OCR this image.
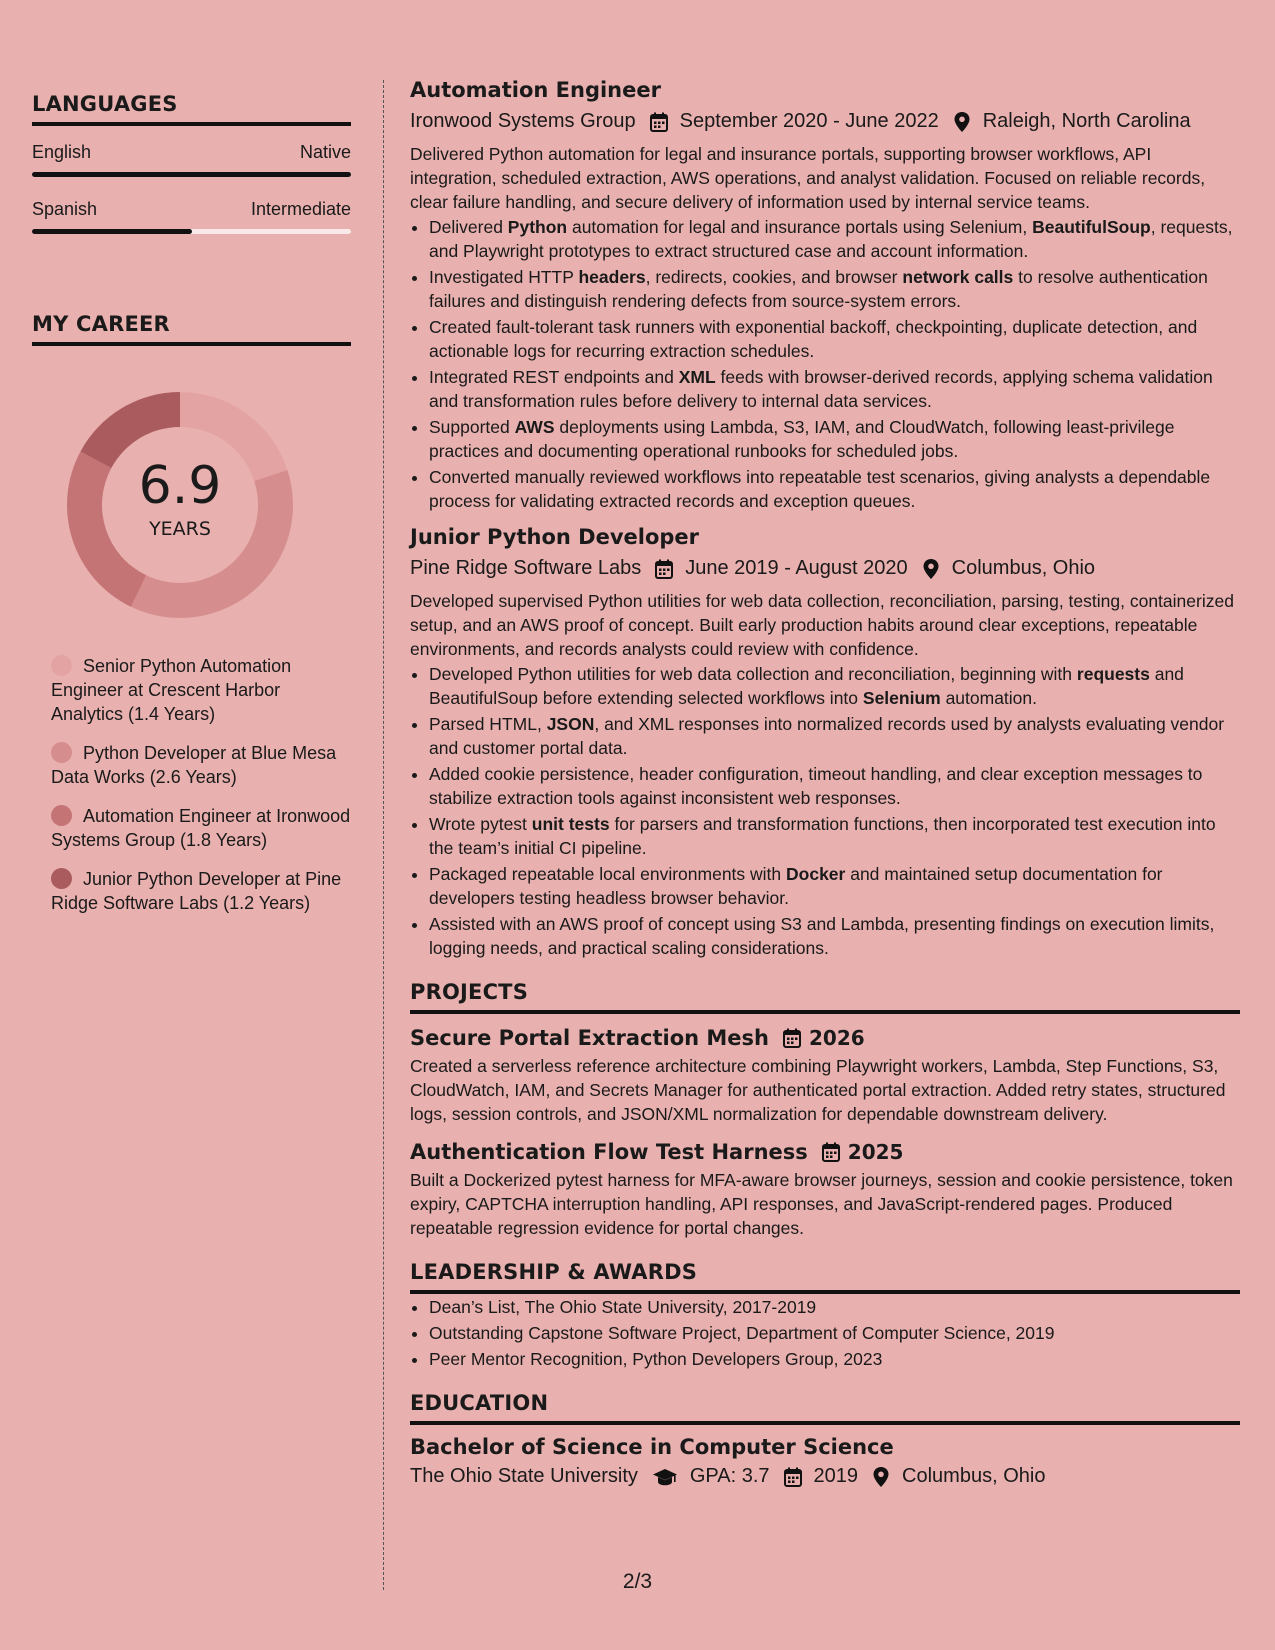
LANGUAGES
English	Native
Spanish	Intermediate
MY CAREER
6.9
YEARS
Senior Python Automation Engineer at Crescent Harbor Analytics (1.4 Years)
Python Developer at Blue Mesa Data Works (2.6 Years)
Automation Engineer at Ironwood Systems Group (1.8 Years)
Junior Python Developer at Pine Ridge Software Labs (1.2 Years)
Automation Engineer
Ironwood Systems Group September 2020 - June 2022 Raleigh, North Carolina

Delivered Python automation for legal and insurance portals, supporting browser workflows, API integration, scheduled extraction, AWS operations, and analyst validation. Focused on reliable records, clear failure handling, and secure delivery of information used by internal service teams.

• Delivered Python automation for legal and insurance portals using Selenium, BeautifulSoup, requests, and Playwright prototypes to extract structured case and account information.
• Investigated HTTP headers, redirects, cookies, and browser network calls to resolve authentication failures and distinguish rendering defects from source-system errors.
• Created fault-tolerant task runners with exponential backoff, checkpointing, duplicate detection, and actionable logs for recurring extraction schedules.
• Integrated REST endpoints and XML feeds with browser-derived records, applying schema validation and transformation rules before delivery to internal data services.
• Supported AWS deployments using Lambda, S3, IAM, and CloudWatch, following least-privilege practices and documenting operational runbooks for scheduled jobs.
• Converted manually reviewed workflows into repeatable test scenarios, giving analysts a dependable process for validating extracted records and exception queues.
Junior Python Developer
Pine Ridge Software Labs June 2019 - August 2020 Columbus, Ohio

Developed supervised Python utilities for web data collection, reconciliation, parsing, testing, containerized setup, and an AWS proof of concept. Built early production habits around clear exceptions, repeatable environments, and records analysts could review with confidence.

• Developed Python utilities for web data collection and reconciliation, beginning with requests and BeautifulSoup before extending selected workflows into Selenium automation.
• Parsed HTML, JSON, and XML responses into normalized records used by analysts evaluating vendor and customer portal data.
• Added cookie persistence, header configuration, timeout handling, and clear exception messages to stabilize extraction tools against inconsistent web responses.
• Wrote pytest unit tests for parsers and transformation functions, then incorporated test execution into the team’s initial CI pipeline.
• Packaged repeatable local environments with Docker and maintained setup documentation for developers testing headless browser behavior.
• Assisted with an AWS proof of concept using S3 and Lambda, presenting findings on execution limits, logging needs, and practical scaling considerations.
PROJECTS
Secure Portal Extraction Mesh 2026

Created a serverless reference architecture combining Playwright workers, Lambda, Step Functions, S3, CloudWatch, IAM, and Secrets Manager for authenticated portal extraction. Added retry states, structured logs, session controls, and JSON/XML normalization for dependable downstream delivery.

Authentication Flow Test Harness 2025

Built a Dockerized pytest harness for MFA-aware browser journeys, session and cookie persistence, token expiry, CAPTCHA interruption handling, API responses, and JavaScript-rendered pages. Produced repeatable regression evidence for portal changes.

LEADERSHIP & AWARDS
• Dean’s List, The Ohio State University, 2017-2019
• Outstanding Capstone Software Project, Department of Computer Science, 2019
• Peer Mentor Recognition, Python Developers Group, 2023
EDUCATION
Bachelor of Science in Computer Science
The Ohio State University	GPA: 3.7 2019 Columbus, Ohio
2/3
